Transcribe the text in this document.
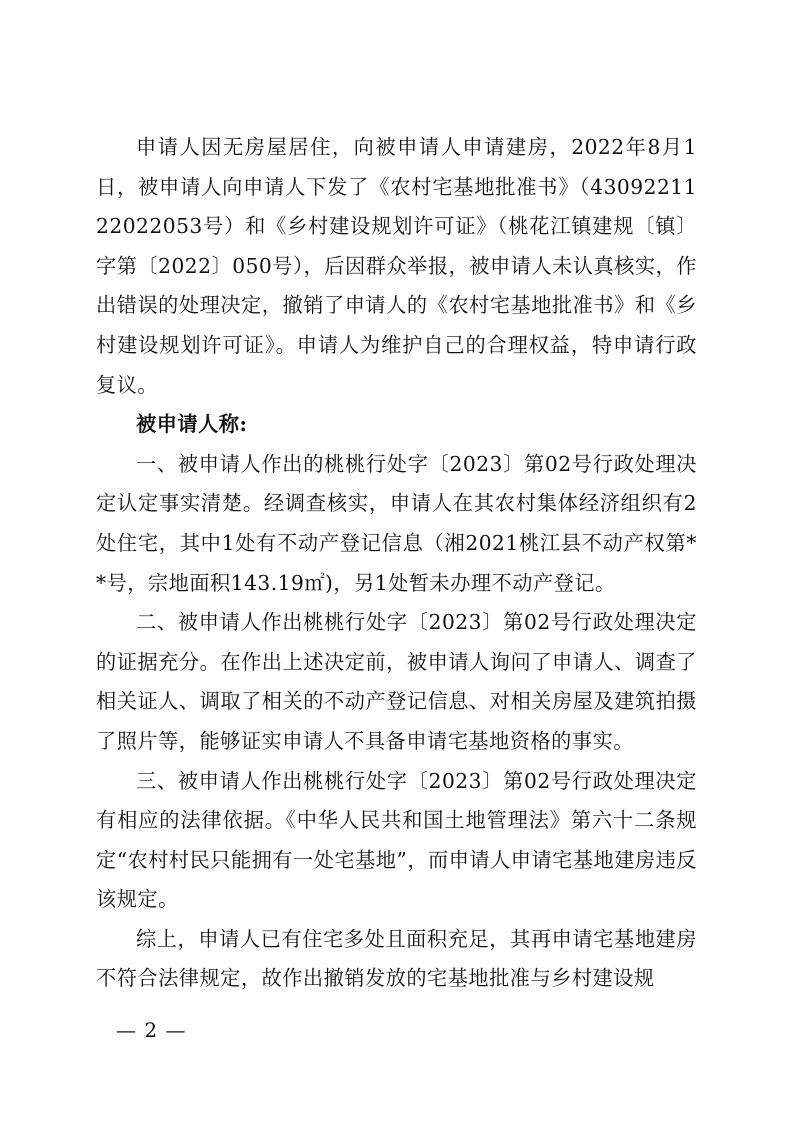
申请人因无房屋居住，向被申请人申请建房，2022年8月1日，被申请人向申请人下发了《农村宅基地批准书》（4309221122022053号）和《乡村建设规划许可证》（桃花江镇建规〔镇〕字第〔2022〕050号），后因群众举报，被申请人未认真核实，作出错误的处理决定，撤销了申请人的《农村宅基地批准书》和《乡村建设规划许可证》。申请人为维护自己的合理权益，特申请行政复议。

被申请人称:

一、被申请人作出的桃桃行处字〔2023〕第02号行政处理决定认定事实清楚。经调查核实，申请人在其农村集体经济组织有2处住宅，其中1处有不动产登记信息（湘2021桃江县不动产权第**号，宗地面积143.19㎡)，另1处暂未办理不动产登记。

二、被申请人作出桃桃行处字〔2023〕第02号行政处理决定的证据充分。在作出上述决定前，被申请人询问了申请人、调查了相关证人、调取了相关的不动产登记信息、对相关房屋及建筑拍摄了照片等，能够证实申请人不具备申请宅基地资格的事实。

三、被申请人作出桃桃行处字〔2023〕第02号行政处理决定有相应的法律依据。《中华人民共和国土地管理法》第六十二条规定“农村村民只能拥有一处宅基地”，而申请人申请宅基地建房违反该规定。

综上，申请人已有住宅多处且面积充足，其再申请宅基地建房不符合法律规定，故作出撤销发放的宅基地批准与乡村建设规

— 2 —
